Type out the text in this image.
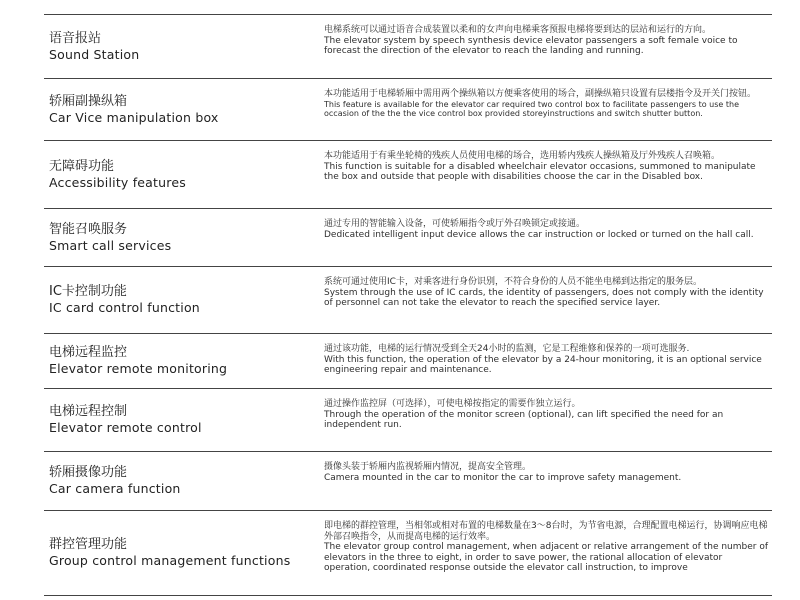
语音报站
Sound Station
电梯系统可以通过语音合成装置以柔和的女声向电梯乘客预报电梯将要到达的层站和运行的方向。
The elevator system by speech synthesis device elevator passengers a soft female voice to forecast the direction of the elevator to reach the landing and running.
轿厢副操纵箱
Car Vice manipulation box
本功能适用于电梯轿厢中需用两个操纵箱以方便乘客使用的场合，副操纵箱只设置有层楼指令及开关门按钮。
This feature is available for the elevator car required two control box to facilitate passengers to use the occasion of the the the vice control box provided storeyinstructions and switch shutter button.
无障碍功能
Accessibility features
本功能适用于有乘坐轮椅的残疾人员使用电梯的场合，选用轿内残疾人操纵箱及厅外残疾人召唤箱。
This function is suitable for a disabled wheelchair elevator occasions, summoned to manipulate the box and outside that people with disabilities choose the car in the Disabled box.
智能召唤服务
Smart call services
通过专用的智能输入设备，可使轿厢指令或厅外召唤锁定或接通。
Dedicated intelligent input device allows the car instruction or locked or turned on the hall call.
IC卡控制功能
IC card control function
系统可通过使用IC卡，对乘客进行身份识别，不符合身份的人员不能坐电梯到达指定的服务层。
System through the use of IC cards, the identity of passengers, does not comply with the identity of personnel can not take the elevator to reach the specified service layer.
电梯远程监控
Elevator remote monitoring
通过该功能，电梯的运行情况受到全天24小时的监测，它是工程维修和保养的一项可选服务.
With this function, the operation of the elevator by a 24-hour monitoring, it is an optional service engineering repair and maintenance.
电梯远程控制
Elevator remote control
通过操作监控屏（可选择），可使电梯按指定的需要作独立运行。
Through the operation of the monitor screen (optional), can lift specified the need for an independent run.
轿厢摄像功能
Car camera function
摄像头装于轿厢内监视轿厢内情况，提高安全管理。
Camera mounted in the car to monitor the car to improve safety management.
群控管理功能
Group control management functions
即电梯的群控管理，当相邻或相对布置的电梯数量在3～8台时，为节省电源，合理配置电梯运行，协调响应电梯外部召唤指令，从而提高电梯的运行效率。
The elevator group control management, when adjacent or relative arrangement of the number of elevators in the three to eight, in order to save power, the rational allocation of elevator operation, coordinated response outside the elevator call instruction, to improve
